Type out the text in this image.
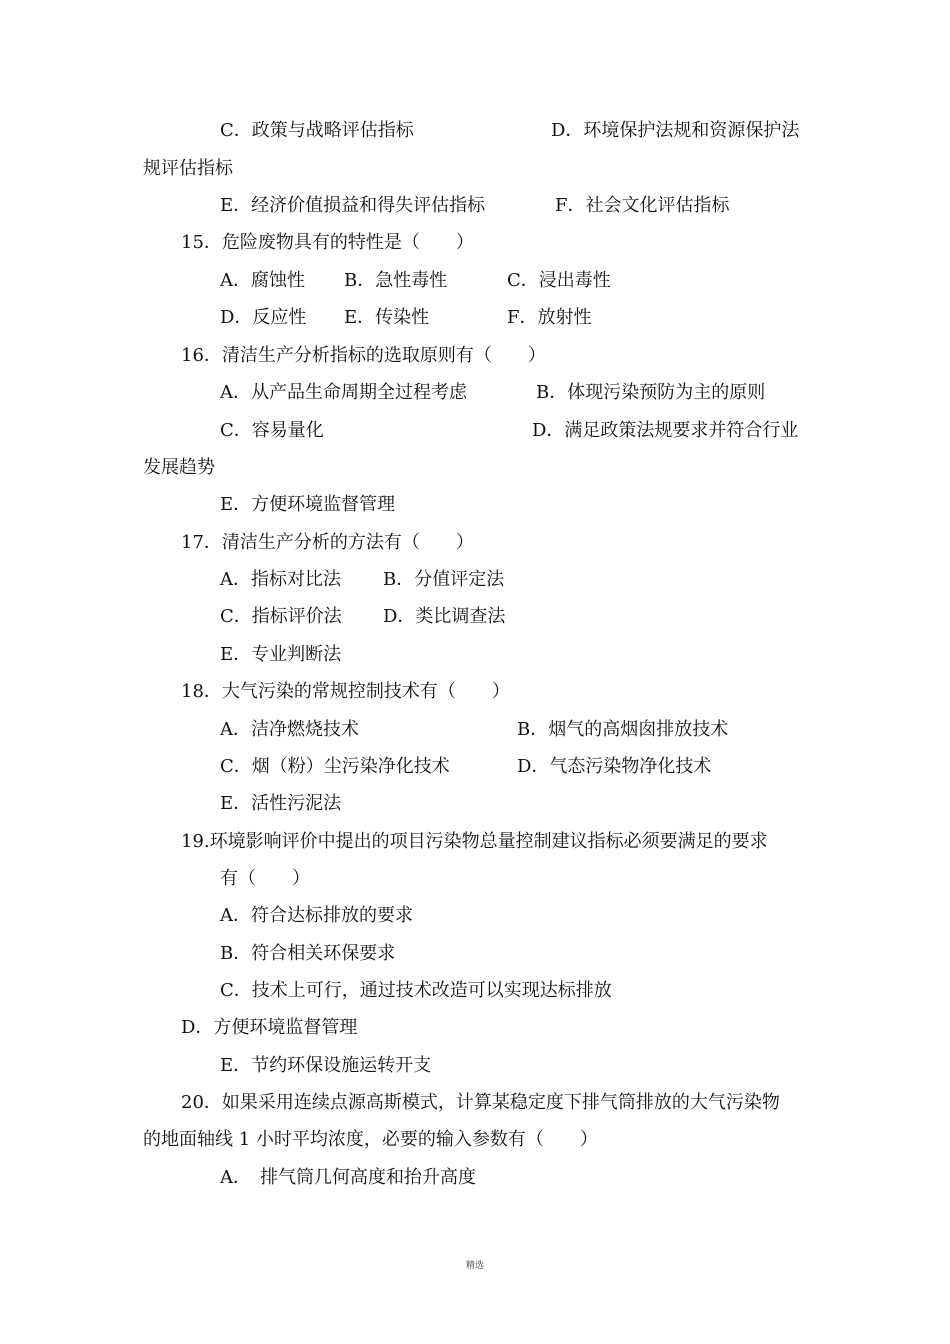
C．政策与战略评估指标	D．环境保护法规和资源保护法
规评估指标
E．经济价值损益和得失评估指标	F．社会文化评估指标
15．危险废物具有的特性是（　　）
A．腐蚀性 B．急性毒性	C．浸出毒性
D．反应性 E．传染性	F．放射性
16．清洁生产分析指标的选取原则有（　　）
A．从产品生命周期全过程考虑	B．体现污染预防为主的原则
C．容易量化	D．满足政策法规要求并符合行业
发展趋势
E．方便环境监督管理
17．清洁生产分析的方法有（　　）
A．指标对比法 B．分值评定法
C．指标评价法 D．类比调查法
E．专业判断法
18．大气污染的常规控制技术有（　　）
A．洁净燃烧技术	B．烟气的高烟囱排放技术
C．烟（粉）尘污染净化技术	D．气态污染物净化技术
E．活性污泥法
19.环境影响评价中提出的项目污染物总量控制建议指标必须要满足的要求
有（　　）
A．符合达标排放的要求
B．符合相关环保要求
C．技术上可行，通过技术改造可以实现达标排放
D．方便环境监督管理
E．节约环保设施运转开支
20．如果采用连续点源高斯模式，计算某稳定度下排气筒排放的大气污染物
的地面轴线 1 小时平均浓度，必要的输入参数有（　　）
A．　排气筒几何高度和抬升高度
精选
